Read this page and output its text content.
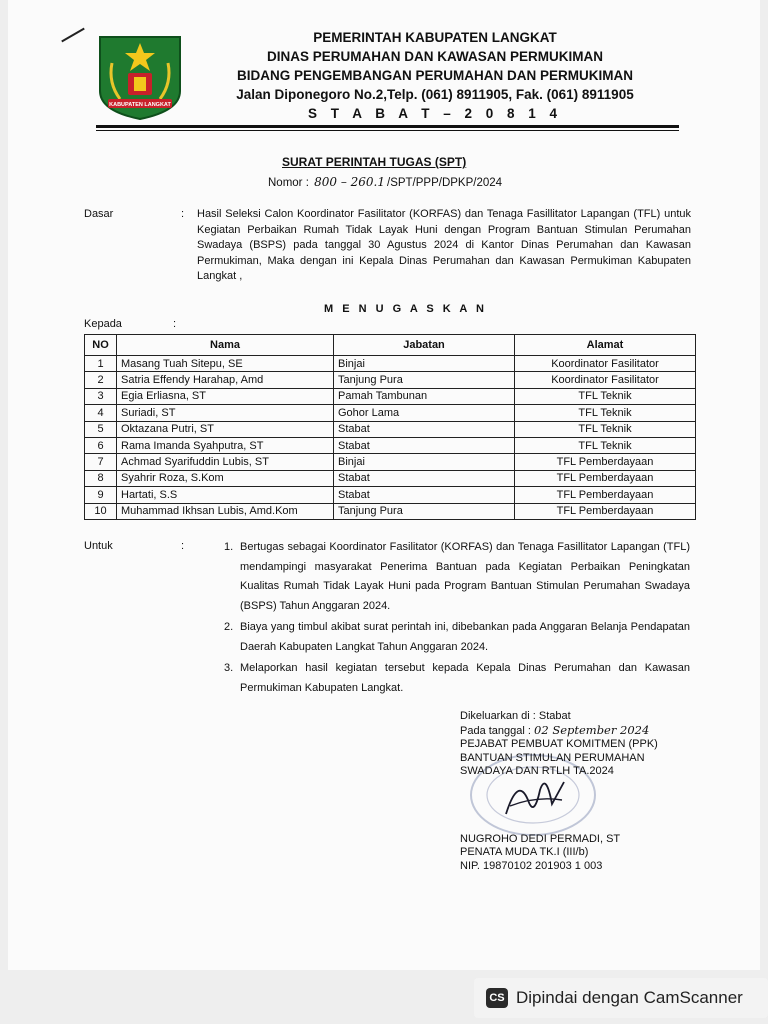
KABUPATEN LANGKAT
PEMERINTAH KABUPATEN LANGKAT
DINAS PERUMAHAN DAN KAWASAN PERMUKIMAN
BIDANG PENGEMBANGAN PERUMAHAN DAN PERMUKIMAN
Jalan Diponegoro No.2,Telp. (061) 8911905, Fak. (061) 8911905
S T A B A T – 2 0 8 1 4
SURAT PERINTAH TUGAS (SPT)
Nomor : 800 – 260.1 /SPT/PPP/DPKP/2024
Dasar	: Hasil Seleksi Calon Koordinator Fasilitator (KORFAS) dan Tenaga Fasillitator Lapangan (TFL) untuk Kegiatan Perbaikan Rumah Tidak Layak Huni dengan Program Bantuan Stimulan Perumahan Swadaya (BSPS) pada tanggal 30 Agustus 2024 di Kantor Dinas Perumahan dan Kawasan Permukiman, Maka dengan ini Kepala Dinas Perumahan dan Kawasan Permukiman Kabupaten Langkat ,
M E N U G A S K A N
Kepada	:
NO	Nama	Jabatan	Alamat
1	Masang Tuah Sitepu, SE	Binjai	Koordinator Fasilitator
2	Satria Effendy Harahap, Amd	Tanjung Pura	Koordinator Fasilitator
3	Egia Erliasna, ST	Pamah Tambunan	TFL Teknik
4	Suriadi, ST	Gohor Lama	TFL Teknik
5	Oktazana Putri, ST	Stabat	TFL Teknik
6	Rama Imanda Syahputra, ST	Stabat	TFL Teknik
7	Achmad Syarifuddin Lubis, ST	Binjai	TFL Pemberdayaan
8	Syahrir Roza, S.Kom	Stabat	TFL Pemberdayaan
9	Hartati, S.S	Stabat	TFL Pemberdayaan
10	Muhammad Ikhsan Lubis, Amd.Kom	Tanjung Pura	TFL Pemberdayaan
Untuk	:	1. Bertugas sebagai Koordinator Fasilitator (KORFAS) dan Tenaga Fasillitator Lapangan (TFL) mendampingi masyarakat Penerima Bantuan pada Kegiatan Perbaikan Peningkatan Kualitas Rumah Tidak Layak Huni pada Program Bantuan Stimulan Perumahan Swadaya (BSPS) Tahun Anggaran 2024.
2. Biaya yang timbul akibat surat perintah ini, dibebankan pada Anggaran Belanja Pendapatan Daerah Kabupaten Langkat Tahun Anggaran 2024.
3. Melaporkan hasil kegiatan tersebut kepada Kepala Dinas Perumahan dan Kawasan Permukiman Kabupaten Langkat.
Dikeluarkan di : Stabat
Pada tanggal : 02 September 2024
PEJABAT PEMBUAT KOMITMEN (PPK)
BANTUAN STIMULAN PERUMAHAN
SWADAYA DAN RTLH TA.2024
NUGROHO DEDI PERMADI, ST
PENATA MUDA TK.I (III/b)
NIP. 19870102 201903 1 003
CS Dipindai dengan CamScanner
